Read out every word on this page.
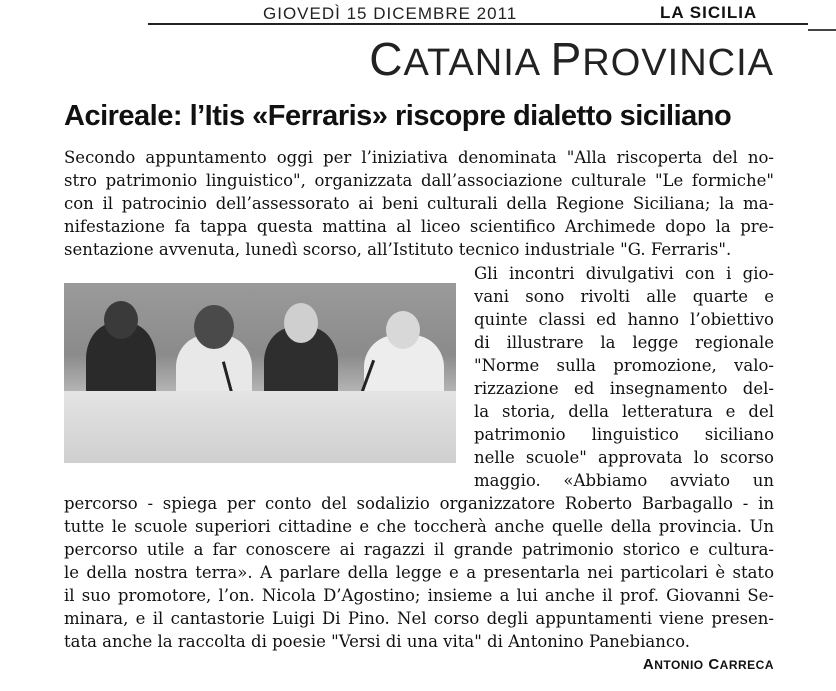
GIOVEDÌ 15 DICEMBRE 2011	LA SICILIA
CATANIA PROVINCIA
Acireale: l’Itis «Ferraris» riscopre dialetto siciliano
Secondo appuntamento oggi per l’iniziativa denominata "Alla riscoperta del no-
stro patrimonio linguistico", organizzata dall’associazione culturale "Le formiche"
con il patrocinio dell’assessorato ai beni culturali della Regione Siciliana; la ma-
nifestazione fa tappa questa mattina al liceo scientifico Archimede dopo la pre-
sentazione avvenuta, lunedì scorso, all’Istituto tecnico industriale "G. Ferraris".
Gli incontri divulgativi con i gio-
vani sono rivolti alle quarte e
quinte classi ed hanno l’obiettivo
di illustrare la legge regionale
"Norme sulla promozione, valo-
rizzazione ed insegnamento del-
la storia, della letteratura e del
patrimonio linguistico siciliano
nelle scuole" approvata lo scorso
maggio. «Abbiamo avviato un
percorso - spiega per conto del sodalizio organizzatore Roberto Barbagallo - in
tutte le scuole superiori cittadine e che toccherà anche quelle della provincia. Un
percorso utile a far conoscere ai ragazzi il grande patrimonio storico e cultura-
le della nostra terra». A parlare della legge e a presentarla nei particolari è stato
il suo promotore, l’on. Nicola D’Agostino; insieme a lui anche il prof. Giovanni Se-
minara, e il cantastorie Luigi Di Pino. Nel corso degli appuntamenti viene presen-
tata anche la raccolta di poesie "Versi di una vita" di Antonino Panebianco.
ANTONIO CARRECA
